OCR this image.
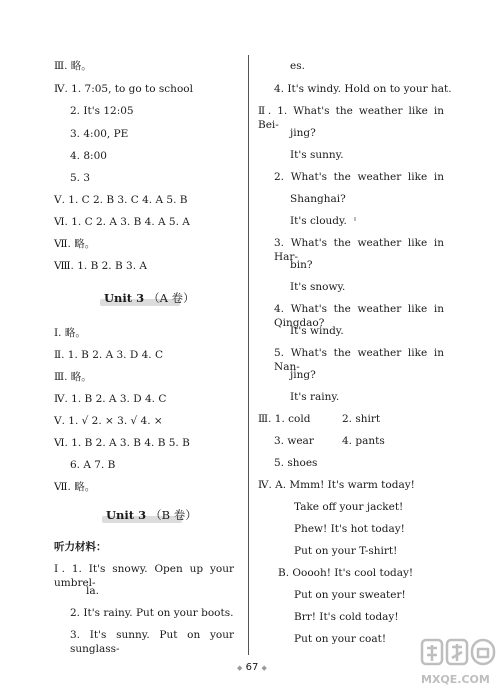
Ⅲ. 略。
Ⅳ. 1. 7:05, to go to school
2. It's 12:05
3. 4:00, PE
4. 8:00
5. 3
Ⅴ. 1. C 2. B 3. C 4. A 5. B
Ⅵ. 1. C 2. A 3. B 4. A 5. A
Ⅶ. 略。
Ⅷ. 1. B 2. B 3. A
Unit 3 （A 卷）
Ⅰ. 略。
Ⅱ. 1. B 2. A 3. D 4. C
Ⅲ. 略。
Ⅳ. 1. B 2. A 3. D 4. C
Ⅴ. 1. √ 2. × 3. √ 4. ×
Ⅵ. 1. B 2. A 3. B 4. B 5. B
6. A 7. B
Ⅶ. 略。
Unit 3 （B 卷）
听力材料：
Ⅰ. 1. It's snowy. Open up your umbrel-
la.
2. It's rainy. Put on your boots.
3. It's sunny. Put on your sunglass-
es.
4. It's windy. Hold on to your hat.
Ⅱ. 1. What's the weather like in Bei-
jing?
It's sunny.
2. What's the weather like in
Shanghai?
It's cloudy.
3. What's the weather like in Har-
bin?
It's snowy.
4. What's the weather like in Qingdao?
It's windy.
5. What's the weather like in Nan-
jing?
It's rainy.
Ⅲ. 1. cold	2. shirt
3. wear	4. pants
5. shoes
Ⅳ. A. Mmm! It's warm today!
Take off your jacket!
Phew! It's hot today!
Put on your T-shirt!
B. Ooooh! It's cool today!
Put on your sweater!
Brr! It's cold today!
Put on your coat!
◆ 67 ◆
MXQE.COM
